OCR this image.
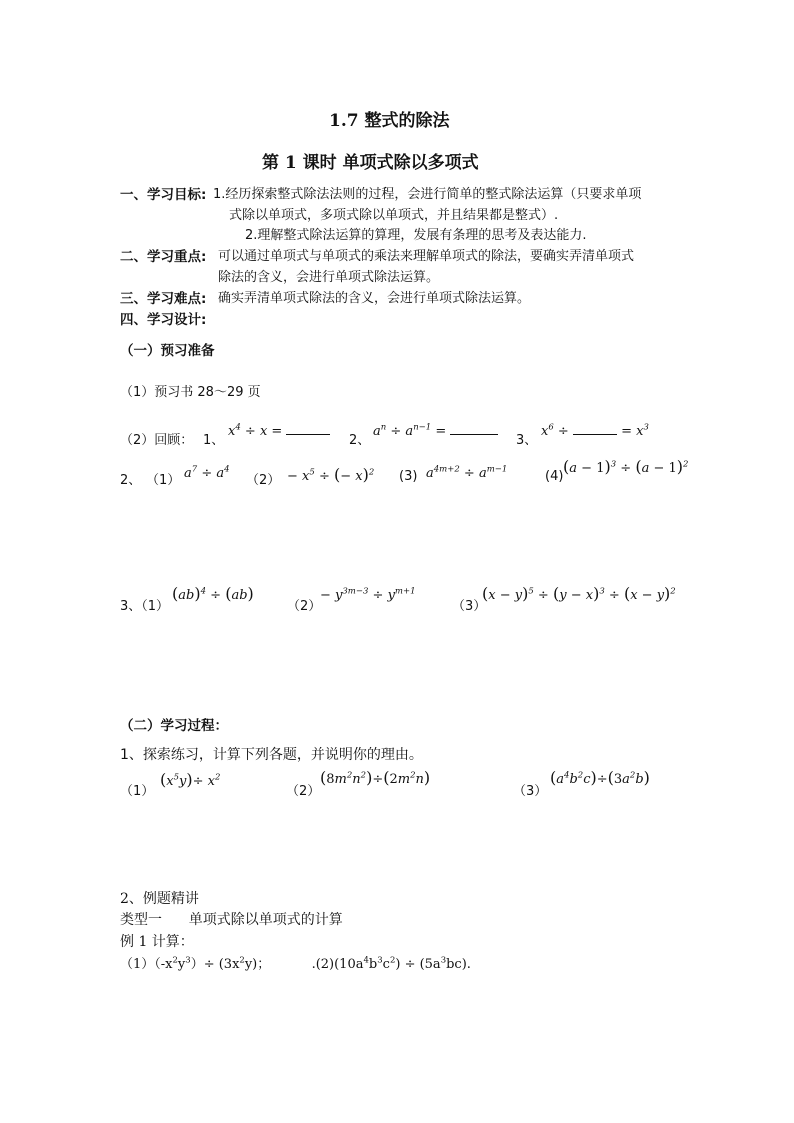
1.7 整式的除法
第 1 课时 单项式除以多项式
一、学习目标: 1.经历探索整式除法法则的过程，会进行简单的整式除法运算（只要求单项
式除以单项式，多项式除以单项式，并且结果都是整式）.
2.理解整式除法运算的算理，发展有条理的思考及表达能力.
二、学习重点: 可以通过单项式与单项式的乘法来理解单项式的除法，要确实弄清单项式
除法的含义，会进行单项式除法运算。
三、学习难点: 确实弄清单项式除法的含义，会进行单项式除法运算。
四、学习设计:
（一）预习准备
（1）预习书 28～29 页
（2）回顾： 1、
$x^4 \div x$ =
2、
$a^n \div a^{n-1}$ =
3、
$x^6$ ÷	= $x^3$
2、 （1） $a^7 \div a^4$
$(2) - x^5$ ÷ (− x)$^2$ (3) $a^{4m+2} \div a^{m-1}$	(4)
$(a - 1)^3 \div (a - 1)^2$
3、（1）
(ab)$^4$ ÷ (ab)
（2）
− $y^{3m-3} \div y^{m+1}$
（3）
$(x - y)^5 \div (y - x)^3 \div (x - y)^2$
（二）学习过程：
1、探索练习，计算下列各题，并说明你的理由。
（1）
$(x^5y)\div x^2$
（2）
$(8m^2n^2)\div(2m^2n)$
（3）
$(a^4b^2c)\div(3a^2b)$
2、例题精讲
类型一      单项式除以单项式的计算
例 1 计算：
$(1)(-x^2y^3)\div (3x^2y)$；          $.(2)(10a^4b^3c^2) \div (5a^3bc)$.
